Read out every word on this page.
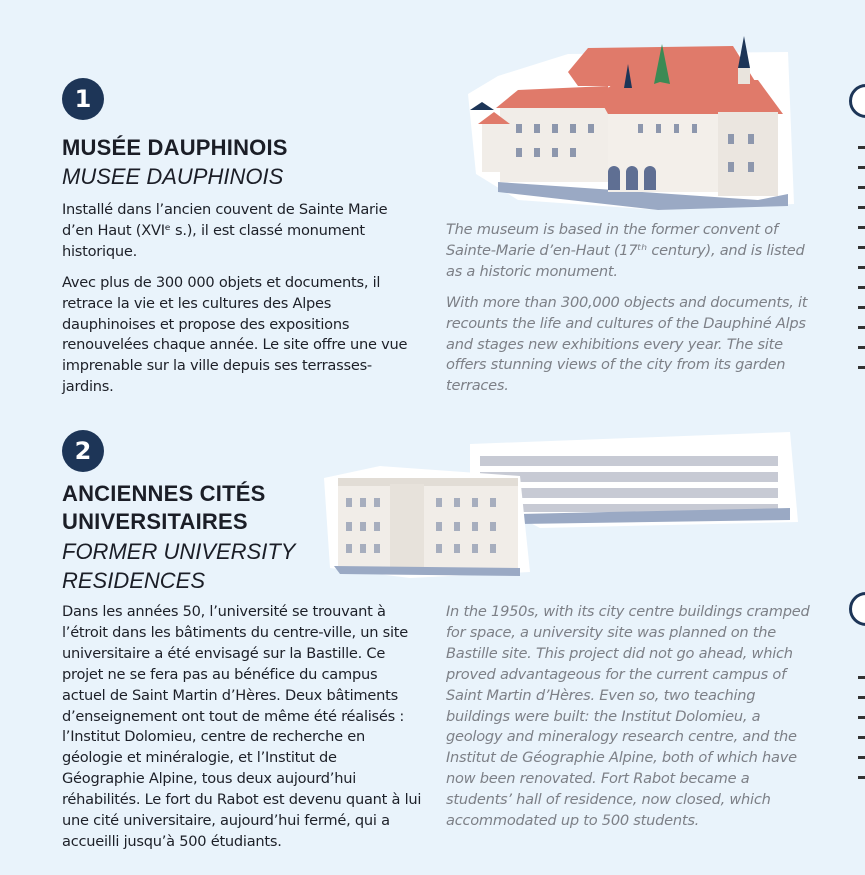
1
MUSÉE DAUPHINOIS
MUSEE DAUPHINOIS

Installé dans l’ancien couvent de Sainte Marie d’en Haut (XVIᵉ s.), il est classé monument historique.

Avec plus de 300 000 objets et documents, il retrace la vie et les cultures des Alpes dauphinoises et propose des expositions renouvelées chaque année. Le site offre une vue imprenable sur la ville depuis ses terrasses-jardins.

The museum is based in the former convent of Sainte-Marie d’en-Haut (17ᵗʰ century), and is listed as a historic monument.

With more than 300,000 objects and documents, it recounts the life and cultures of the Dauphiné Alps and stages new exhibitions every year. The site offers stunning views of the city from its garden terraces.

2
ANCIENNES CITÉS
UNIVERSITAIRES
FORMER UNIVERSITY
RESIDENCES

Dans les années 50, l’université se trouvant à l’étroit dans les bâtiments du centre-ville, un site universitaire a été envisagé sur la Bastille. Ce projet ne se fera pas au bénéfice du campus actuel de Saint Martin d’Hères. Deux bâtiments d’enseignement ont tout de même été réalisés : l’Institut Dolomieu, centre de recherche en géologie et minéralogie, et l’Institut de Géographie Alpine, tous deux aujourd’hui réhabilités. Le fort du Rabot est devenu quant à lui une cité universitaire, aujourd’hui fermé, qui a accueilli jusqu’à 500 étudiants.

In the 1950s, with its city centre buildings cramped for space, a university site was planned on the Bastille site. This project did not go ahead, which proved advantageous for the current campus of Saint Martin d’Hères. Even so, two teaching buildings were built: the Institut Dolomieu, a geology and mineralogy research centre, and the Institut de Géographie Alpine, both of which have now been renovated. Fort Rabot became a students’ hall of residence, now closed, which accommodated up to 500 students.
